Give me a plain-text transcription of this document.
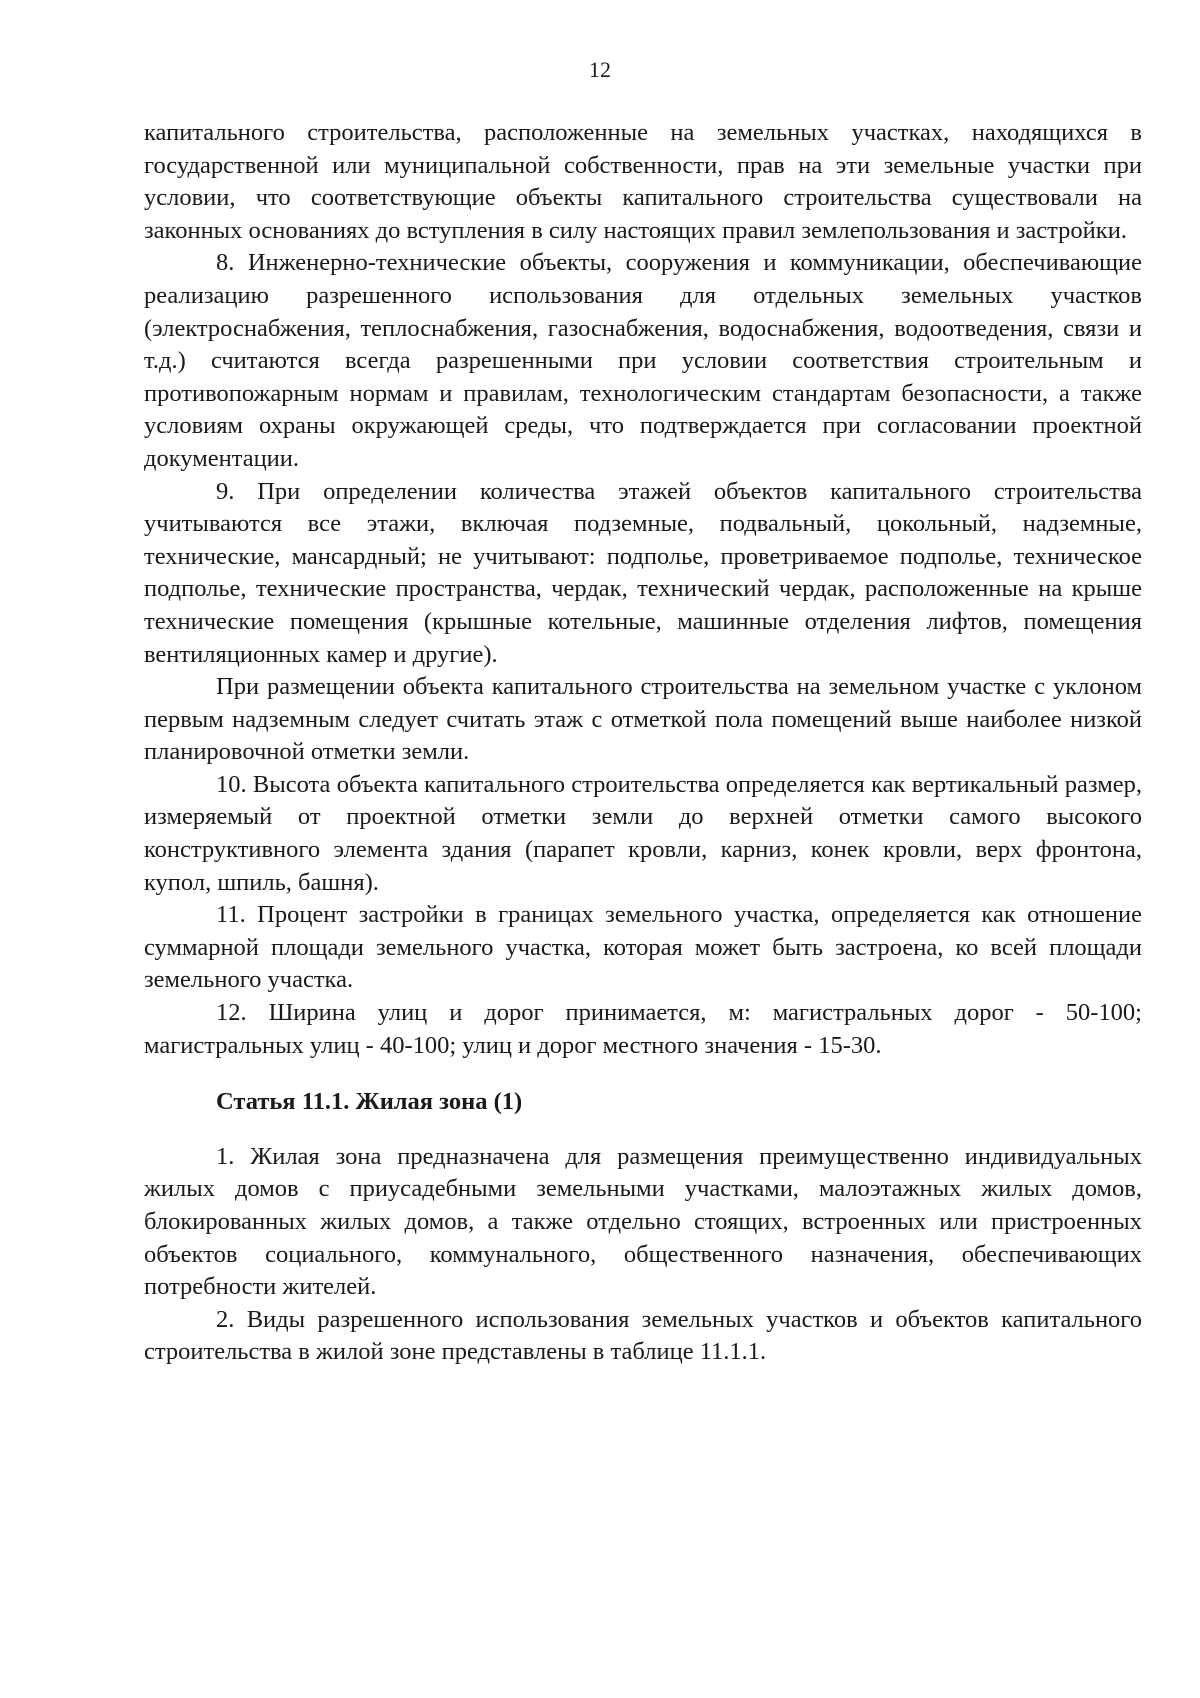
12

капитального строительства, расположенные на земельных участках, находящихся в государственной или муниципальной собственности, прав на эти земельные участки при условии, что соответствующие объекты капитального строительства существовали на законных основаниях до вступления в силу настоящих правил землепользования и застройки.

8. Инженерно-технические объекты, сооружения и коммуникации, обеспечивающие реализацию разрешенного использования для отдельных земельных участков (электроснабжения, теплоснабжения, газоснабжения, водоснабжения, водоотведения, связи и т.д.) считаются всегда разрешенными при условии соответствия строительным и противопожарным нормам и правилам, технологическим стандартам безопасности, а также условиям охраны окружающей среды, что подтверждается при согласовании проектной документации.

9. При определении количества этажей объектов капитального строительства учитываются все этажи, включая подземные, подвальный, цокольный, надземные, технические, мансардный; не учитывают: подполье, проветриваемое подполье, техническое подполье, технические пространства, чердак, технический чердак, расположенные на крыше технические помещения (крышные котельные, машинные отделения лифтов, помещения вентиляционных камер и другие).

При размещении объекта капитального строительства на земельном участке с уклоном первым надземным следует считать этаж с отметкой пола помещений выше наиболее низкой планировочной отметки земли.

10. Высота объекта капитального строительства определяется как вертикальный размер, измеряемый от проектной отметки земли до верхней отметки самого высокого конструктивного элемента здания (парапет кровли, карниз, конек кровли, верх фронтона, купол, шпиль, башня).

11. Процент застройки в границах земельного участка, определяется как отношение суммарной площади земельного участка, которая может быть застроена, ко всей площади земельного участка.

12. Ширина улиц и дорог принимается, м: магистральных дорог - 50-100; магистральных улиц - 40-100; улиц и дорог местного значения - 15-30.

Статья 11.1. Жилая зона (1)

1. Жилая зона предназначена для размещения преимущественно индивидуальных жилых домов с приусадебными земельными участками, малоэтажных жилых домов, блокированных жилых домов, а также отдельно стоящих, встроенных или пристроенных объектов социального, коммунального, общественного назначения, обеспечивающих потребности жителей.

2. Виды разрешенного использования земельных участков и объектов капитального строительства в жилой зоне представлены в таблице 11.1.1.
